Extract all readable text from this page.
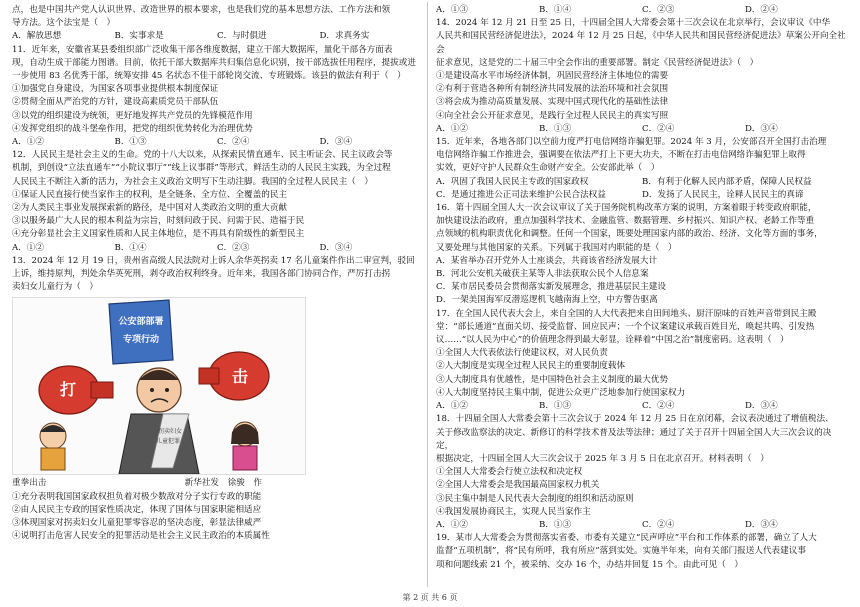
点，也是中国共产党人认识世界、改造世界的根本要求，也是我们党的基本思想方法、工作方法和领

导方法。这个法宝是（　）

A．解放思想	B．实事求是	C．与时俱进	D．求真务实

11．近年来，安徽省某县委组织部广泛收集干部各维度数据，建立干部大数据库，量化干部各方面表

现，自动生成干部能力图谱。目前，依托干部大数据库共归集信息化识别，按干部选拔任用程序，提拔或进

一步使用 83 名优秀干部，统筹安排 45 名状态不佳干部轮岗交流、专班锻炼。该县的做法有利于（　）

①加强党自身建设，为国家各项事业提供根本制度保证

②贯彻全面从严治党的方针，建设高素质党员干部队伍

③以党的组织建设为统领，更好地发挥共产党员的先锋模范作用

④发挥党组织的战斗堡垒作用，把党的组织优势转化为治理优势

A．①②	B．①③	C．②④	D．③④

12．人民民主是社会主义的生命。党的十八大以来，从探索民情直通车、民主听证会、民主议政会等

机制，到创设“立法直通车”“小院议事厅”“线上议事群”等形式，鲜活生动的人民民主实践，为全过程

人民民主不断注入新的活力，为社会主义政治文明写下生动注脚。我国的全过程人民民主（　）

①保证人民直接行使当家作主的权利，是全链条、全方位、全覆盖的民主

②为人类民主事业发展探索新的路径，是中国对人类政治文明的重大贡献

③以服务最广大人民的根本利益为宗旨，时刻问政于民、问需于民、造福于民

④充分彰显社会主义国家性质和人民主体地位，是不再具有阶级性的新型民主

A．①②	B．①④	C．②③	D．③④

13．2024 年 12 月 19 日，贵州省高级人民法院对上诉人余华英拐卖 17 名儿童案件作出二审宣判，驳回

上诉，维持原判，判处余华英死刑，剥夺政治权利终身。近年来，我国各部门协同合作，严厉打击拐

卖妇女儿童行为（　）

公安部部署
专项行动
打
击
拐卖妇女
儿童犯罪
重拳出击	新华社发　徐骏　作

①充分表明我国国家政权担负着对极少数敌对分子实行专政的职能

②由人民民主专政的国家性质决定，体现了国体与国家职能相适应

③体现国家对拐卖妇女儿童犯罪零容忍的坚决态度，彰显法律威严

④说明打击危害人民安全的犯罪活动是社会主义民主政治的本质属性

A．①③	B．①④	C．②③	D．②④

14．2024 年 12 月 21 日至 25 日，十四届全国人大常委会第十三次会议在北京举行，会议审议《中华

人民共和国民营经济促进法》，2024 年 12 月 25 日起，《中华人民共和国民营经济促进法》草案公开向全社会

征求意见，这是党的二十届三中全会作出的重要部署。制定《民营经济促进法》（　）

①是建设高水平市场经济体制，巩固民营经济主体地位的需要

②有利于营造各种所有制经济共同发展的法治环境和社会氛围

③将会成为推动高质量发展、实现中国式现代化的基础性法律

④向全社会公开征求意见，是践行全过程人民民主的真实写照

A．①②	B．①③	C．②④	D．③④

15．近年来，各地各部门以空前力度严打电信网络诈骗犯罪。2024 年 3 月，公安部召开全国打击治理

电信网络诈骗工作推进会，强调要在依法严打上下更大功夫，不断在打击电信网络诈骗犯罪上取得

实效，更好守护人民群众生命财产安全。公安部此举（　）

A．巩固了我国人民民主专政的国家政权	B．有利于化解人民内部矛盾，保障人民权益
C．是通过推进公正司法来维护公民合法权益	D．发扬了人民民主，诠释人民民主的真谛

16．第十四届全国人大一次会议审议了关于国务院机构改革方案的说明，方案着眼于转变政府职能，

加快建设法治政府，重点加强科学技术、金融监管、数据管理、乡村振兴、知识产权、老龄工作等重

点领域的机构职责优化和调整。任何一个国家，既要处理国家内部的政治、经济、文化等方面的事务，

又要处理与其他国家的关系。下列属于我国对内职能的是（　）

A．某省举办召开党外人士座谈会，共商该省经济发展大计

B．河北公安机关破获主某等人非法获取公民个人信息案

C．某市居民委员会贯彻落实新发展理念，推进基层民主建设

D．一架美国海军反潜巡逻机飞越南海上空，中方警告驱离

17．在全国人民代表大会上，来自全国的人大代表把来自田间地头、厨汗原味的百姓声音带到民主殿

堂：“部长通道”直面关切、接受监督、回应民声；一个个议案建议承载百姓目光，唤起共鸣、引发热

议……“以人民为中心”的价值理念得到最大彰显，诠释着“中国之治”制度密码。这表明（　）

①全国人大代表依法行使建议权，对人民负责

②人大制度是实现全过程人民民主的重要制度载体

③人大制度具有优越性，是中国特色社会主义制度的最大优势

④人大制度坚持民主集中制，促进公众更广泛地参加行使国家权力

A．①②	B．①③	C．②④	D．③④

18．十四届全国人大常委会第十三次会议于 2024 年 12 月 25 日在京闭幕，会议表决通过了增值税法、

关于修改监察法的决定、新修订的科学技术普及法等法律；通过了关于召开十四届全国人大三次会议的决定，

根据决定，十四届全国人大三次会议于 2025 年 3 月 5 日在北京召开。材料表明（　）

①全国人大常委会行使立法权和决定权

②全国人大常委会是我国最高国家权力机关

③民主集中制是人民代表大会制度的组织和活动原则

④我国发展协商民主，实现人民当家作主

A．①②	B．①③	C．②④	D．③④

19．某市人大常委会为贯彻落实省委、市委有关建立“民声呼应”平台和工作体系的部署，确立了人大

监督“五项机制”，将“民有所呼，我有所应”落到实处。实施半年来，向有关部门报送人代表建议事

项和问题线索 21 个，被采纳、交办 16 个，办结并回复 15 个。由此可见（　）

第 2 页 共 6 页
